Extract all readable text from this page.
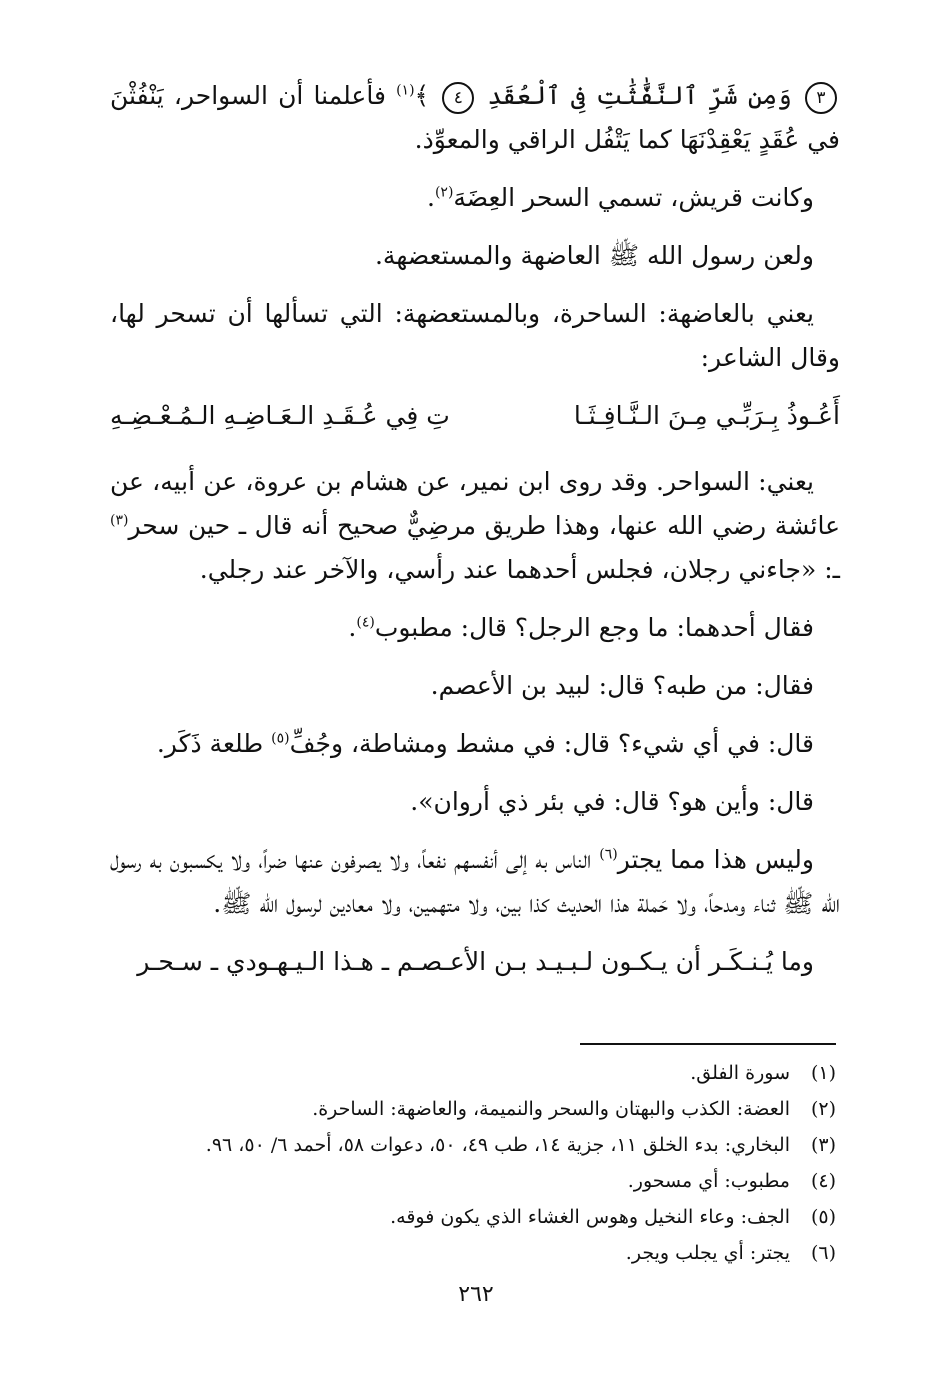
٣ وَمِن شَرِّ ٱلنَّفَّٰثَٰتِ فِى ٱلْعُقَدِ ٤ ﴾$^{(١)}$ فأعلمنا أن السواحر، يَنْفُثْنَ في عُقَدٍ يَعْقِدْنَهَا كما يَتْفُل الراقي والمعوِّذ.

وكانت قريش، تسمي السحر العِضَهَ$^{(٢)}$.

ولعن رسول الله ﷺ العاضهة والمستعضهة.

يعني بالعاضهة: الساحرة، وبالمستعضهة: التي تسألها أن تسحر لها، وقال الشاعر:

أَعُـوذُ بِـرَبِّـي مِـنَ الـنَّـافِـثَـا
تِ فِي عُـقَـدِ الـعَـاضِـهِ الـمُـعْـضِـهِ

يعني: السواحر. وقد روى ابن نمير، عن هشام بن عروة، عن أبيه، عن عائشة رضي الله عنها، وهذا طريق مرضِيٌّ صحيح أنه قال ـ حين سحر$^{(٣)}$ ـ: «جاءني رجلان، فجلس أحدهما عند رأسي، والآخر عند رجلي.

فقال أحدهما: ما وجع الرجل؟ قال: مطبوب$^{(٤)}$.

فقال: من طبه؟ قال: لبيد بن الأعصم.

قال: في أي شيء؟ قال: في مشط ومشاطة، وجُفِّ$^{(٥)}$ طلعة ذَكَر.

قال: وأين هو؟ قال: في بئر ذي أروان».

وليس هذا مما يجتر$^{(٦)}$ الناس به إلى أنفسهم نفعاً، ولا يصرفون عنها ضراً، ولا يكسبون به رسول الله ﷺ ثناء ومدحاً، ولا حَملة هذا الحديث كذا بين، ولا متهمين، ولا معادين لرسول الله ﷺ.

وما يُـنـكَـر أن يـكـون لـبـيـد بـن الأعـصـم ـ هـذا الـيـهـودي ـ سـحـر

(١)
سورة الفلق.
(٢)
العضة: الكذب والبهتان والسحر والنميمة، والعاضهة: الساحرة.
(٣)
البخاري: بدء الخلق ١١، جزية ١٤، طب ٤٩، ٥٠، دعوات ٥٨، أحمد ٦/ ٥٠، ٩٦.
(٤)
مطبوب: أي مسحور.
(٥)
الجف: وعاء النخيل وهوس الغشاء الذي يكون فوقه.
(٦)
يجتر: أي يجلب ويجر.
٢٦٢
